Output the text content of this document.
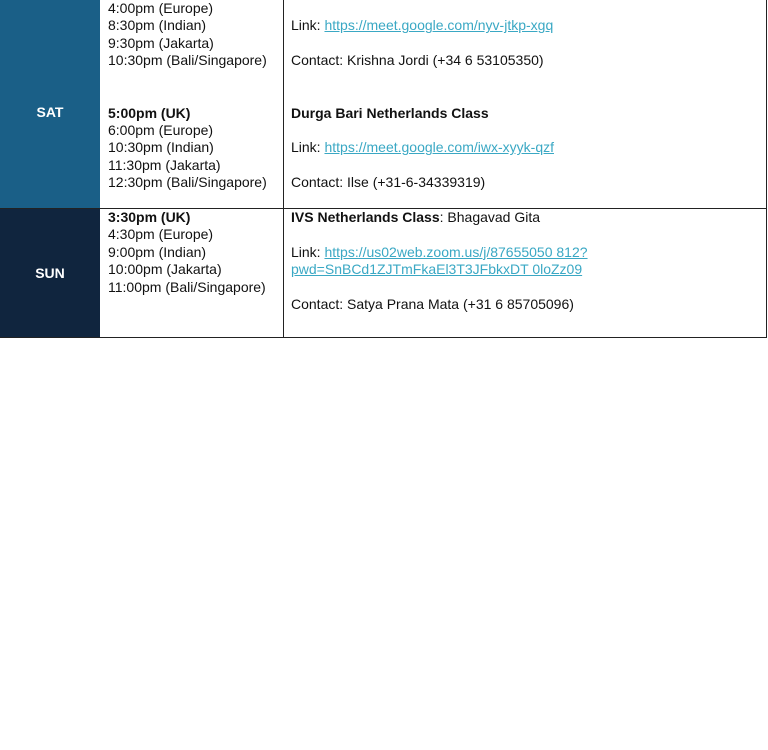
SAT
4:00pm (Europe)
8:30pm (Indian)
9:30pm (Jakarta)
10:30pm (Bali/Singapore)
5:00pm (UK)
6:00pm (Europe)
10:30pm (Indian)
11:30pm (Jakarta)
12:30pm (Bali/Singapore)
Link: https://meet.google.com/nyv-jtkp-xgq
Contact: Krishna Jordi (+34 6 53105350)
Durga Bari Netherlands Class
Link: https://meet.google.com/iwx-xyyk-qzf
Contact: Ilse (+31-6-34339319)
SUN
3:30pm (UK)
4:30pm (Europe)
9:00pm (Indian)
10:00pm (Jakarta)
11:00pm (Bali/Singapore)
IVS Netherlands Class: Bhagavad Gita
Link: https://us02web.zoom.us/j/87655050 812?
pwd=SnBCd1ZJTmFkaEl3T3JFbkxDT 0loZz09
Contact: Satya Prana Mata (+31 6 85705096)
